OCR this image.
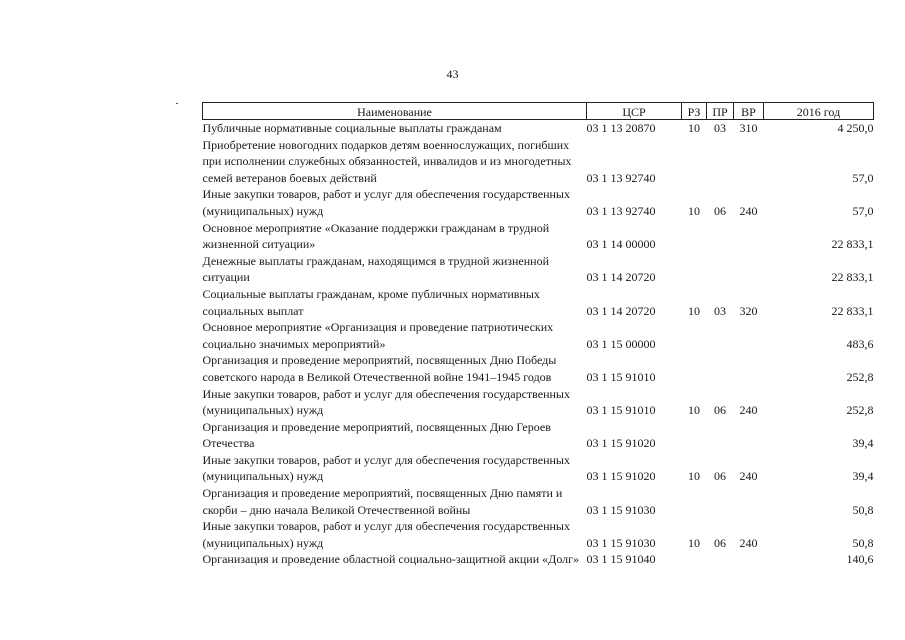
43
Наименование	ЦСР	РЗ	ПР	ВР	2016 год
Публичные нормативные социальные выплаты гражданам	03 1 13 20870	10	03	310	4 250,0
Приобретение новогодних подарков детям военнослужащих, погибших при исполнении служебных обязанностей, инвалидов и из многодетных семей ветеранов боевых действий	03 1 13 92740				57,0
Иные закупки товаров, работ и услуг для обеспечения государственных (муниципальных) нужд	03 1 13 92740	10	06	240	57,0
Основное мероприятие «Оказание поддержки гражданам в трудной жизненной ситуации»	03 1 14 00000				22 833,1
Денежные выплаты гражданам, находящимся в трудной жизненной ситуации	03 1 14 20720				22 833,1
Социальные выплаты гражданам, кроме публичных нормативных социальных выплат	03 1 14 20720	10	03	320	22 833,1
Основное мероприятие «Организация и проведение патриотических социально значимых мероприятий»	03 1 15 00000				483,6
Организация и проведение мероприятий, посвященных Дню Победы советского народа в Великой Отечественной войне 1941–1945 годов	03 1 15 91010				252,8
Иные закупки товаров, работ и услуг для обеспечения государственных (муниципальных) нужд	03 1 15 91010	10	06	240	252,8
Организация и проведение мероприятий, посвященных Дню Героев Отечества	03 1 15 91020				39,4
Иные закупки товаров, работ и услуг для обеспечения государственных (муниципальных) нужд	03 1 15 91020	10	06	240	39,4
Организация и проведение мероприятий, посвященных Дню памяти и скорби – дню начала Великой Отечественной войны	03 1 15 91030				50,8
Иные закупки товаров, работ и услуг для обеспечения государственных (муниципальных) нужд	03 1 15 91030	10	06	240	50,8
Организация и проведение областной социально-защитной акции «Долг»	03 1 15 91040				140,6
